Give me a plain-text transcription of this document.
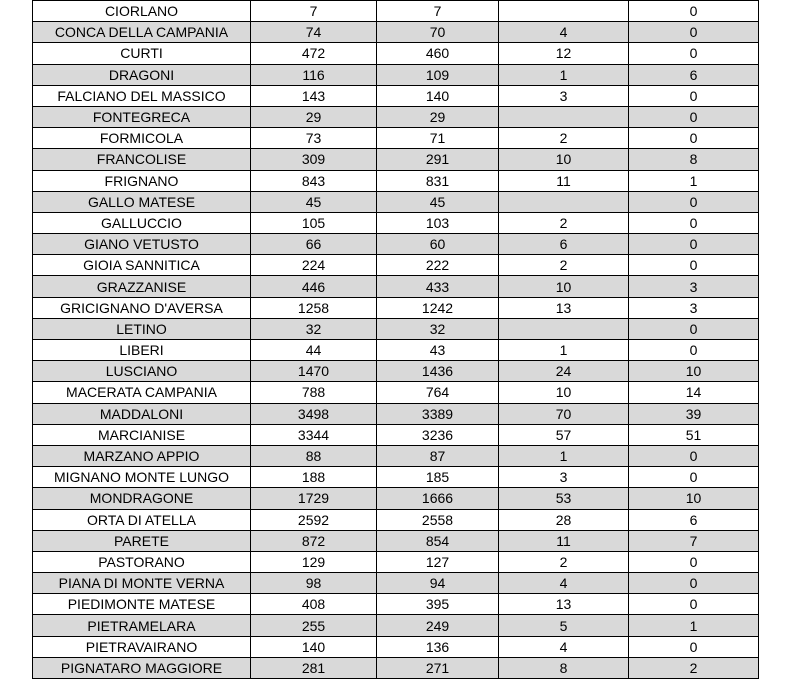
CIORLANO	7	7		0
CONCA DELLA CAMPANIA	74	70	4	0
CURTI	472	460	12	0
DRAGONI	116	109	1	6
FALCIANO DEL MASSICO	143	140	3	0
FONTEGRECA	29	29		0
FORMICOLA	73	71	2	0
FRANCOLISE	309	291	10	8
FRIGNANO	843	831	11	1
GALLO MATESE	45	45		0
GALLUCCIO	105	103	2	0
GIANO VETUSTO	66	60	6	0
GIOIA SANNITICA	224	222	2	0
GRAZZANISE	446	433	10	3
GRICIGNANO D'AVERSA	1258	1242	13	3
LETINO	32	32		0
LIBERI	44	43	1	0
LUSCIANO	1470	1436	24	10
MACERATA CAMPANIA	788	764	10	14
MADDALONI	3498	3389	70	39
MARCIANISE	3344	3236	57	51
MARZANO APPIO	88	87	1	0
MIGNANO MONTE LUNGO	188	185	3	0
MONDRAGONE	1729	1666	53	10
ORTA DI ATELLA	2592	2558	28	6
PARETE	872	854	11	7
PASTORANO	129	127	2	0
PIANA DI MONTE VERNA	98	94	4	0
PIEDIMONTE MATESE	408	395	13	0
PIETRAMELARA	255	249	5	1
PIETRAVAIRANO	140	136	4	0
PIGNATARO MAGGIORE	281	271	8	2
